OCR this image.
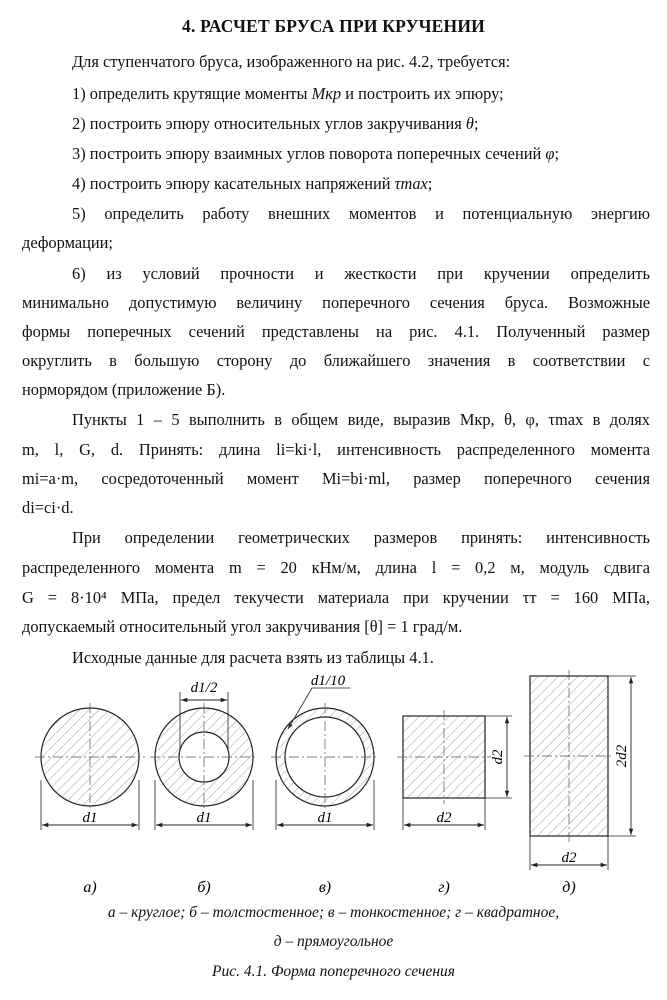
4. РАСЧЕТ БРУСА ПРИ КРУЧЕНИИ
Для ступенчатого бруса, изображенного на рис. 4.2, требуется:
1) определить крутящие моменты Mкр и построить их эпюру;
2) построить эпюру относительных углов закручивания θ;
3) построить эпюру взаимных углов поворота поперечных сечений φ;
4) построить эпюру касательных напряжений τmax;
5) определить работу внешних моментов и потенциальную энергию
деформации;
6) из условий прочности и жесткости при кручении определить
минимально допустимую величину поперечного сечения бруса. Возможные
формы поперечных сечений представлены на рис. 4.1. Полученный размер
округлить в большую сторону до ближайшего значения в соответствии с
норморядом (приложение Б).
Пункты 1 – 5 выполнить в общем виде, выразив Mкр, θ, φ, τmax в долях
m, l, G, d. Принять: длина li=ki·l, интенсивность распределенного момента
mi=a·m, сосредоточенный момент Mi=bi·ml, размер поперечного сечения
di=ci·d.
При определении геометрических размеров принять: интенсивность
распределенного момента m = 20 кНм/м, длина l = 0,2 м, модуль сдвига
G = 8·10⁴ МПа, предел текучести материала при кручении τт = 160 МПа,
допускаемый относительный угол закручивания [θ] = 1 град/м.
Исходные данные для расчета взять из таблицы 4.1.
d1
d1/2
d1
d1/10
d1
d2
d2
2d2
d2
а)	б)	в)	г)	д)
а – круглое; б – толстостенное; в – тонкостенное; г – квадратное,
д – прямоугольное
Рис. 4.1. Форма поперечного сечения
